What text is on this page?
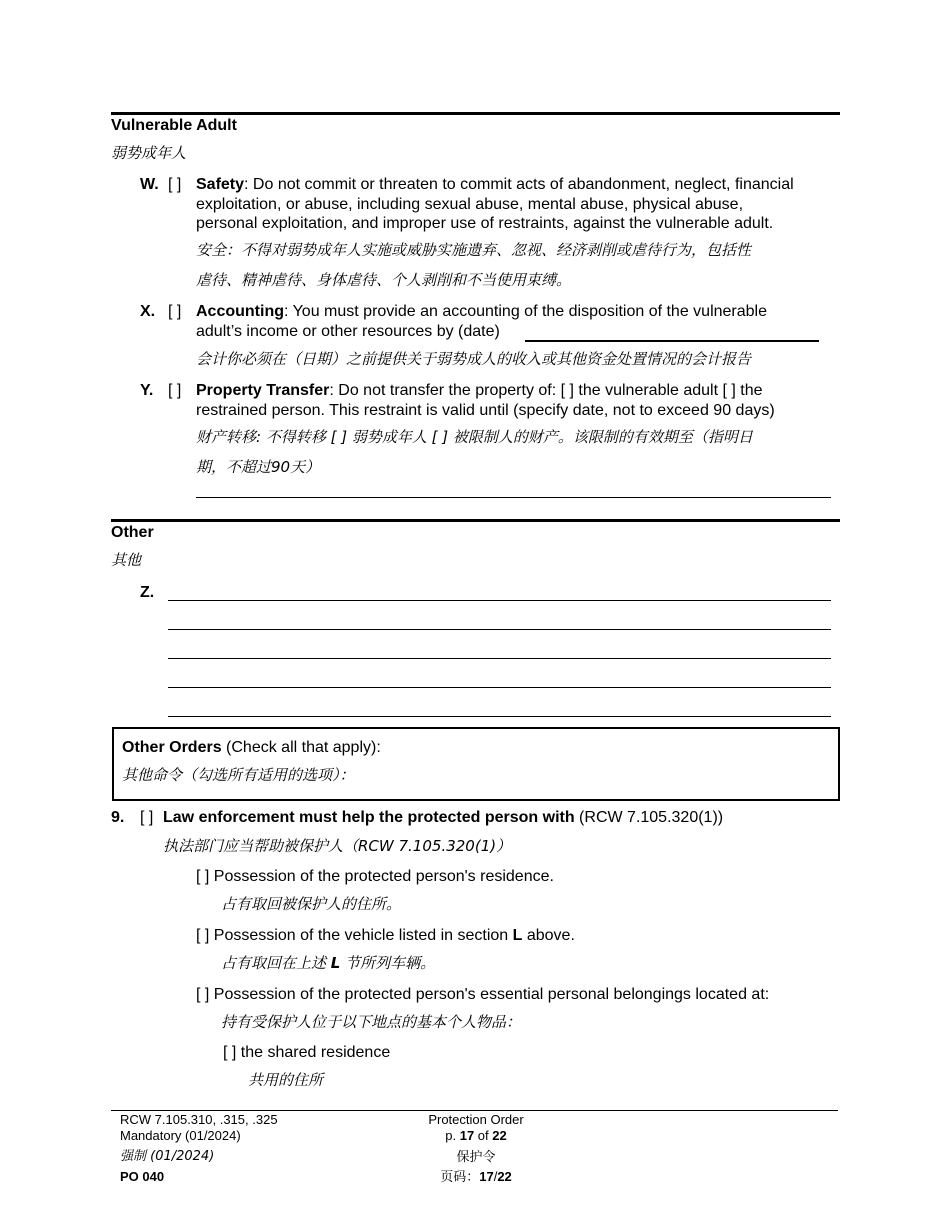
Vulnerable Adult
弱势成年人
W. [ ] Safety: Do not commit or threaten to commit acts of abandonment, neglect, financial
exploitation, or abuse, including sexual abuse, mental abuse, physical abuse,
personal exploitation, and improper use of restraints, against the vulnerable adult.
安全：不得对弱势成年人实施或威胁实施遗弃、忽视、经济剥削或虐待行为，包括性
虐待、精神虐待、身体虐待、个人剥削和不当使用束缚。
X. [ ] Accounting: You must provide an accounting of the disposition of the vulnerable
adult’s income or other resources by (date)
会计你必须在（日期）之前提供关于弱势成人的收入或其他资金处置情况的会计报告
Y. [ ] Property Transfer: Do not transfer the property of: [ ] the vulnerable adult [ ] the
restrained person. This restraint is valid until (specify date, not to exceed 90 days)
财产转移: 不得转移 [ ] 弱势成年人 [ ] 被限制人的财产。该限制的有效期至（指明日
期，不超过90天）
Other
其他
Z.
Other Orders (Check all that apply):
其他命令（勾选所有适用的选项）：
9. [ ] Law enforcement must help the protected person with (RCW 7.105.320(1))
执法部门应当帮助被保护人（RCW 7.105.320(1)）
[ ] Possession of the protected person's residence.
占有取回被保护人的住所。
[ ] Possession of the vehicle listed in section L above.
占有取回在上述 L 节所列车辆。
[ ] Possession of the protected person's essential personal belongings located at:
持有受保护人位于以下地点的基本个人物品：
[ ] the shared residence
共用的住所
RCW 7.105.310, .315, .325
Mandatory (01/2024)
强制 (01/2024)
PO 040
Protection Order
p. 17 of 22
保护令
页码：17/22
